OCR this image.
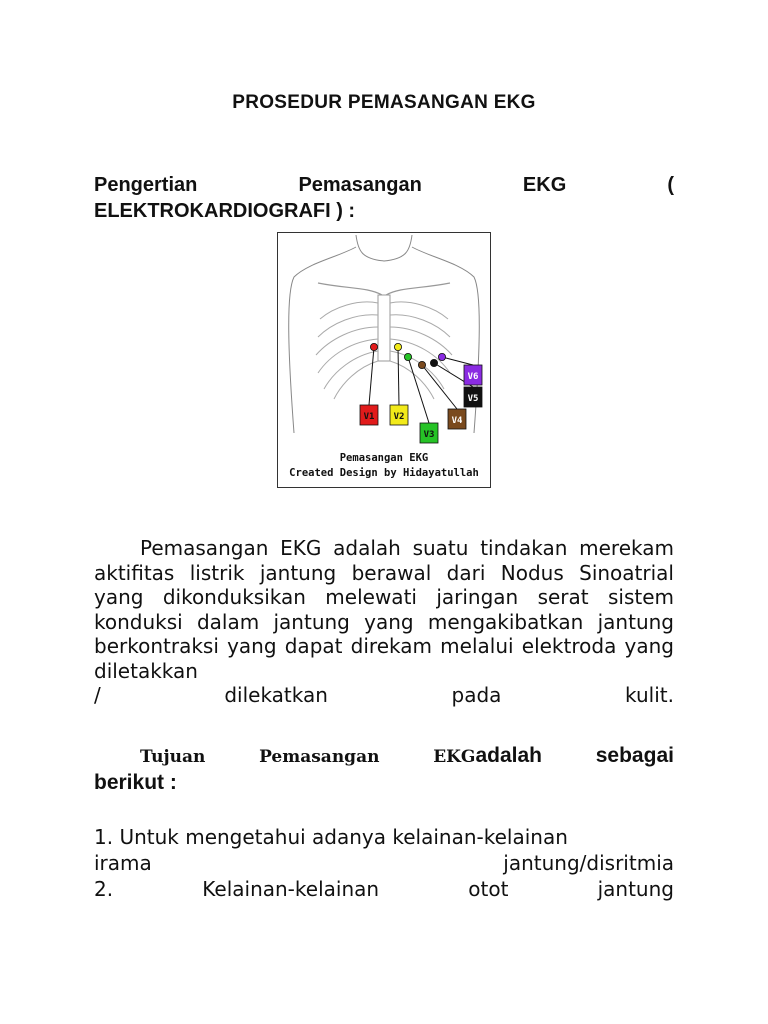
PROSEDUR PEMASANGAN EKG
Pengertian	Pemasangan	EKG	(
ELEKTROKARDIOGRAFI ) :
V1 V2
V3
V4
V5
V6
Pemasangan EKG
Created Design by Hidayatullah

Pemasangan EKG adalah suatu tindakan merekam aktifitas listrik jantung berawal dari Nodus Sinoatrial yang dikonduksikan melewati jaringan serat sistem konduksi dalam jantung yang mengakibatkan jantung berkontraksi yang dapat direkam melalui elektroda yang diletakkan
/	dilekatkan	pada	kulit.

Tujuan	Pemasangan	EKGadalah	sebagai
berikut :
1. Untuk mengetahui adanya kelainan-kelainan
irama	jantung/disritmia
2.	Kelainan-kelainan	otot	jantung
